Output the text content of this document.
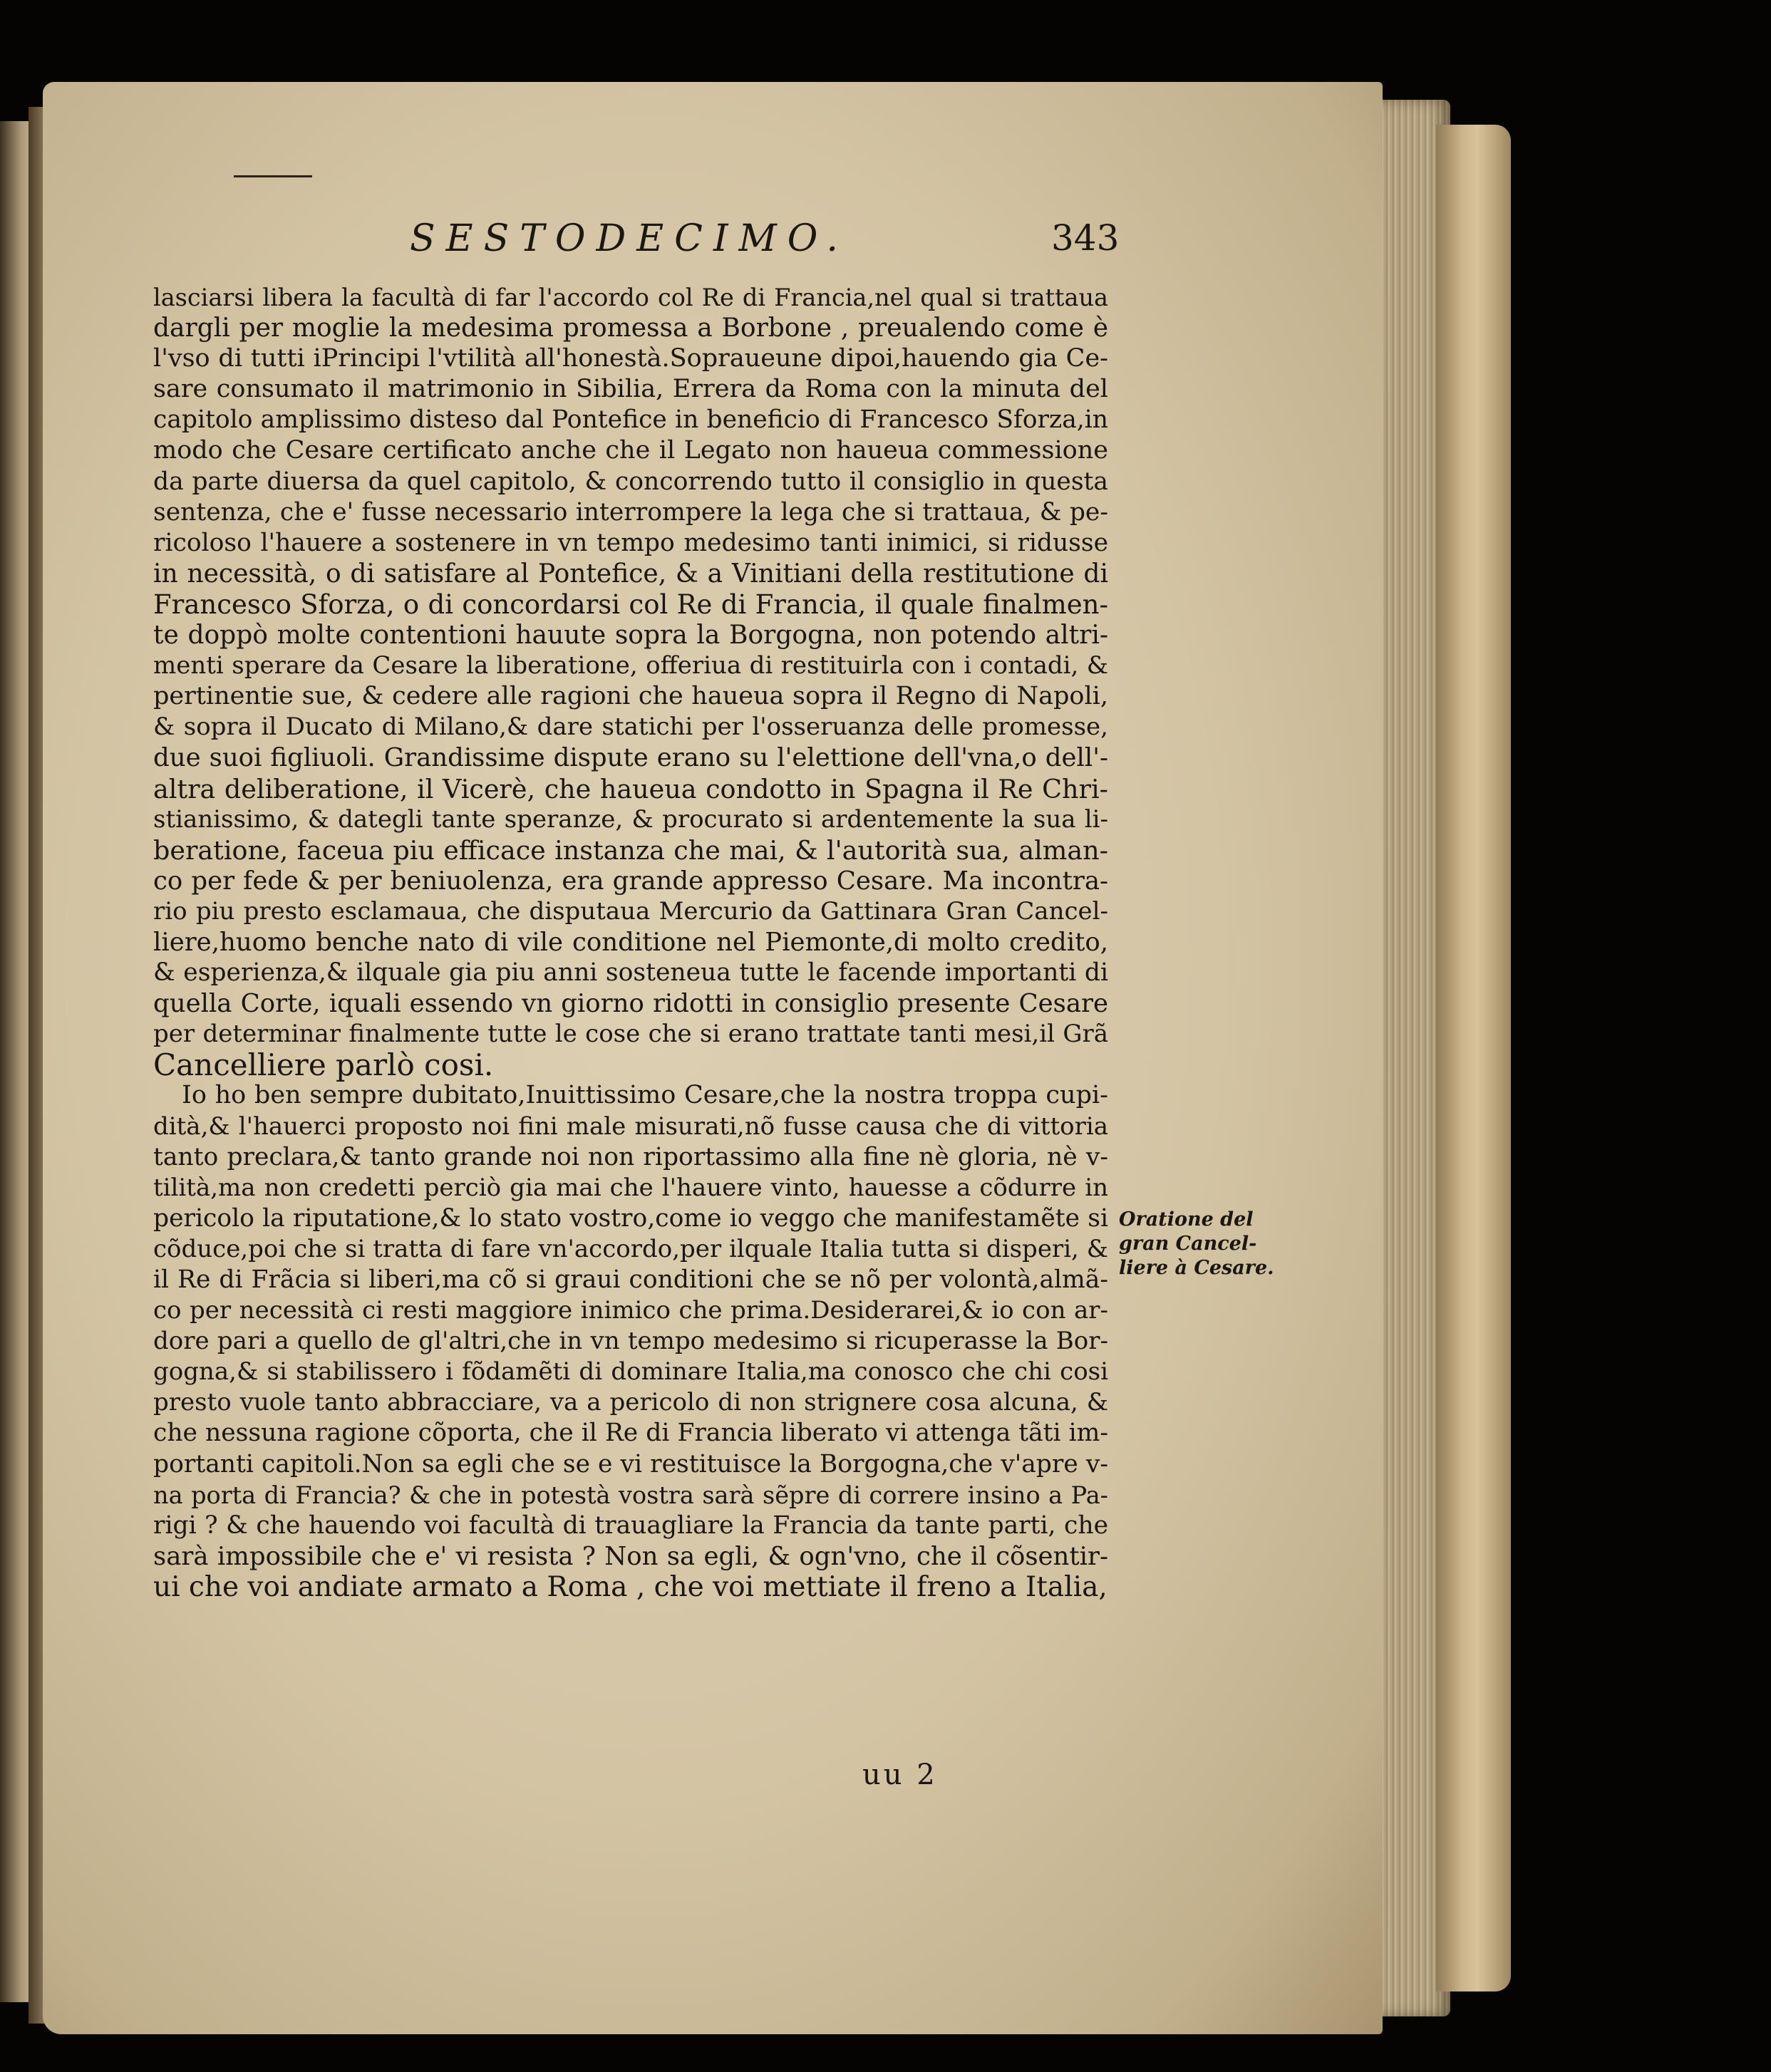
SESTODECIMO.	343
lasciarsi libera la facultà di far l'accordo col Re di Francia,nel qual si trattaua
dargli per moglie la medesima promessa a Borbone , preualendo come è
l'vso di tutti iPrincipi l'vtilità all'honestà.Sopraueune dipoi,hauendo gia Ce-
sare consumato il matrimonio in Sibilia, Errera da Roma con la minuta del
capitolo amplissimo disteso dal Pontefice in beneficio di Francesco Sforza,in
modo che Cesare certificato anche che il Legato non haueua commessione
da parte diuersa da quel capitolo, & concorrendo tutto il consiglio in questa
sentenza, che e' fusse necessario interrompere la lega che si trattaua, & pe-
ricoloso l'hauere a sostenere in vn tempo medesimo tanti inimici, si ridusse
in necessità, o di satisfare al Pontefice, & a Vinitiani della restitutione di
Francesco Sforza, o di concordarsi col Re di Francia, il quale finalmen-
te doppò molte contentioni hauute sopra la Borgogna, non potendo altri-
menti sperare da Cesare la liberatione, offeriua di restituirla con i contadi, &
pertinentie sue, & cedere alle ragioni che haueua sopra il Regno di Napoli,
& sopra il Ducato di Milano,& dare statichi per l'osseruanza delle promesse,
due suoi figliuoli. Grandissime dispute erano su l'elettione dell'vna,o dell'-
altra deliberatione, il Vicerè, che haueua condotto in Spagna il Re Chri-
stianissimo, & dategli tante speranze, & procurato si ardentemente la sua li-
beratione, faceua piu efficace instanza che mai, & l'autorità sua, alman-
co per fede & per beniuolenza, era grande appresso Cesare. Ma incontra-
rio piu presto esclamaua, che disputaua Mercurio da Gattinara Gran Cancel-
liere,huomo benche nato di vile conditione nel Piemonte,di molto credito,
& esperienza,& ilquale gia piu anni sosteneua tutte le facende importanti di
quella Corte, iquali essendo vn giorno ridotti in consiglio presente Cesare
per determinar finalmente tutte le cose che si erano trattate tanti mesi,il Grã
Cancelliere parlò cosi.
Io ho ben sempre dubitato,Inuittissimo Cesare,che la nostra troppa cupi-
dità,& l'hauerci proposto noi fini male misurati,nõ fusse causa che di vittoria
tanto preclara,& tanto grande noi non riportassimo alla fine nè gloria, nè v-
tilità,ma non credetti perciò gia mai che l'hauere vinto, hauesse a cõdurre in
pericolo la riputatione,& lo stato vostro,come io veggo che manifestamẽte si
cõduce,poi che si tratta di fare vn'accordo,per ilquale Italia tutta si disperi, &
il Re di Frãcia si liberi,ma cõ si graui conditioni che se nõ per volontà,almã-
co per necessità ci resti maggiore inimico che prima.Desiderarei,& io con ar-
dore pari a quello de gl'altri,che in vn tempo medesimo si ricuperasse la Bor-
gogna,& si stabilissero i fõdamẽti di dominare Italia,ma conosco che chi cosi
presto vuole tanto abbracciare, va a pericolo di non strignere cosa alcuna, &
che nessuna ragione cõporta, che il Re di Francia liberato vi attenga tãti im-
portanti capitoli.Non sa egli che se e vi restituisce la Borgogna,che v'apre v-
na porta di Francia? & che in potestà vostra sarà sẽpre di correre insino a Pa-
rigi ? & che hauendo voi facultà di trauagliare la Francia da tante parti, che
sarà impossibile che e' vi resista ? Non sa egli, & ogn'vno, che il cõsentir-
ui che voi andiate armato a Roma , che voi mettiate il freno a Italia,
Oratione del
gran Cancel-
liere à Cesare.
uu 2
